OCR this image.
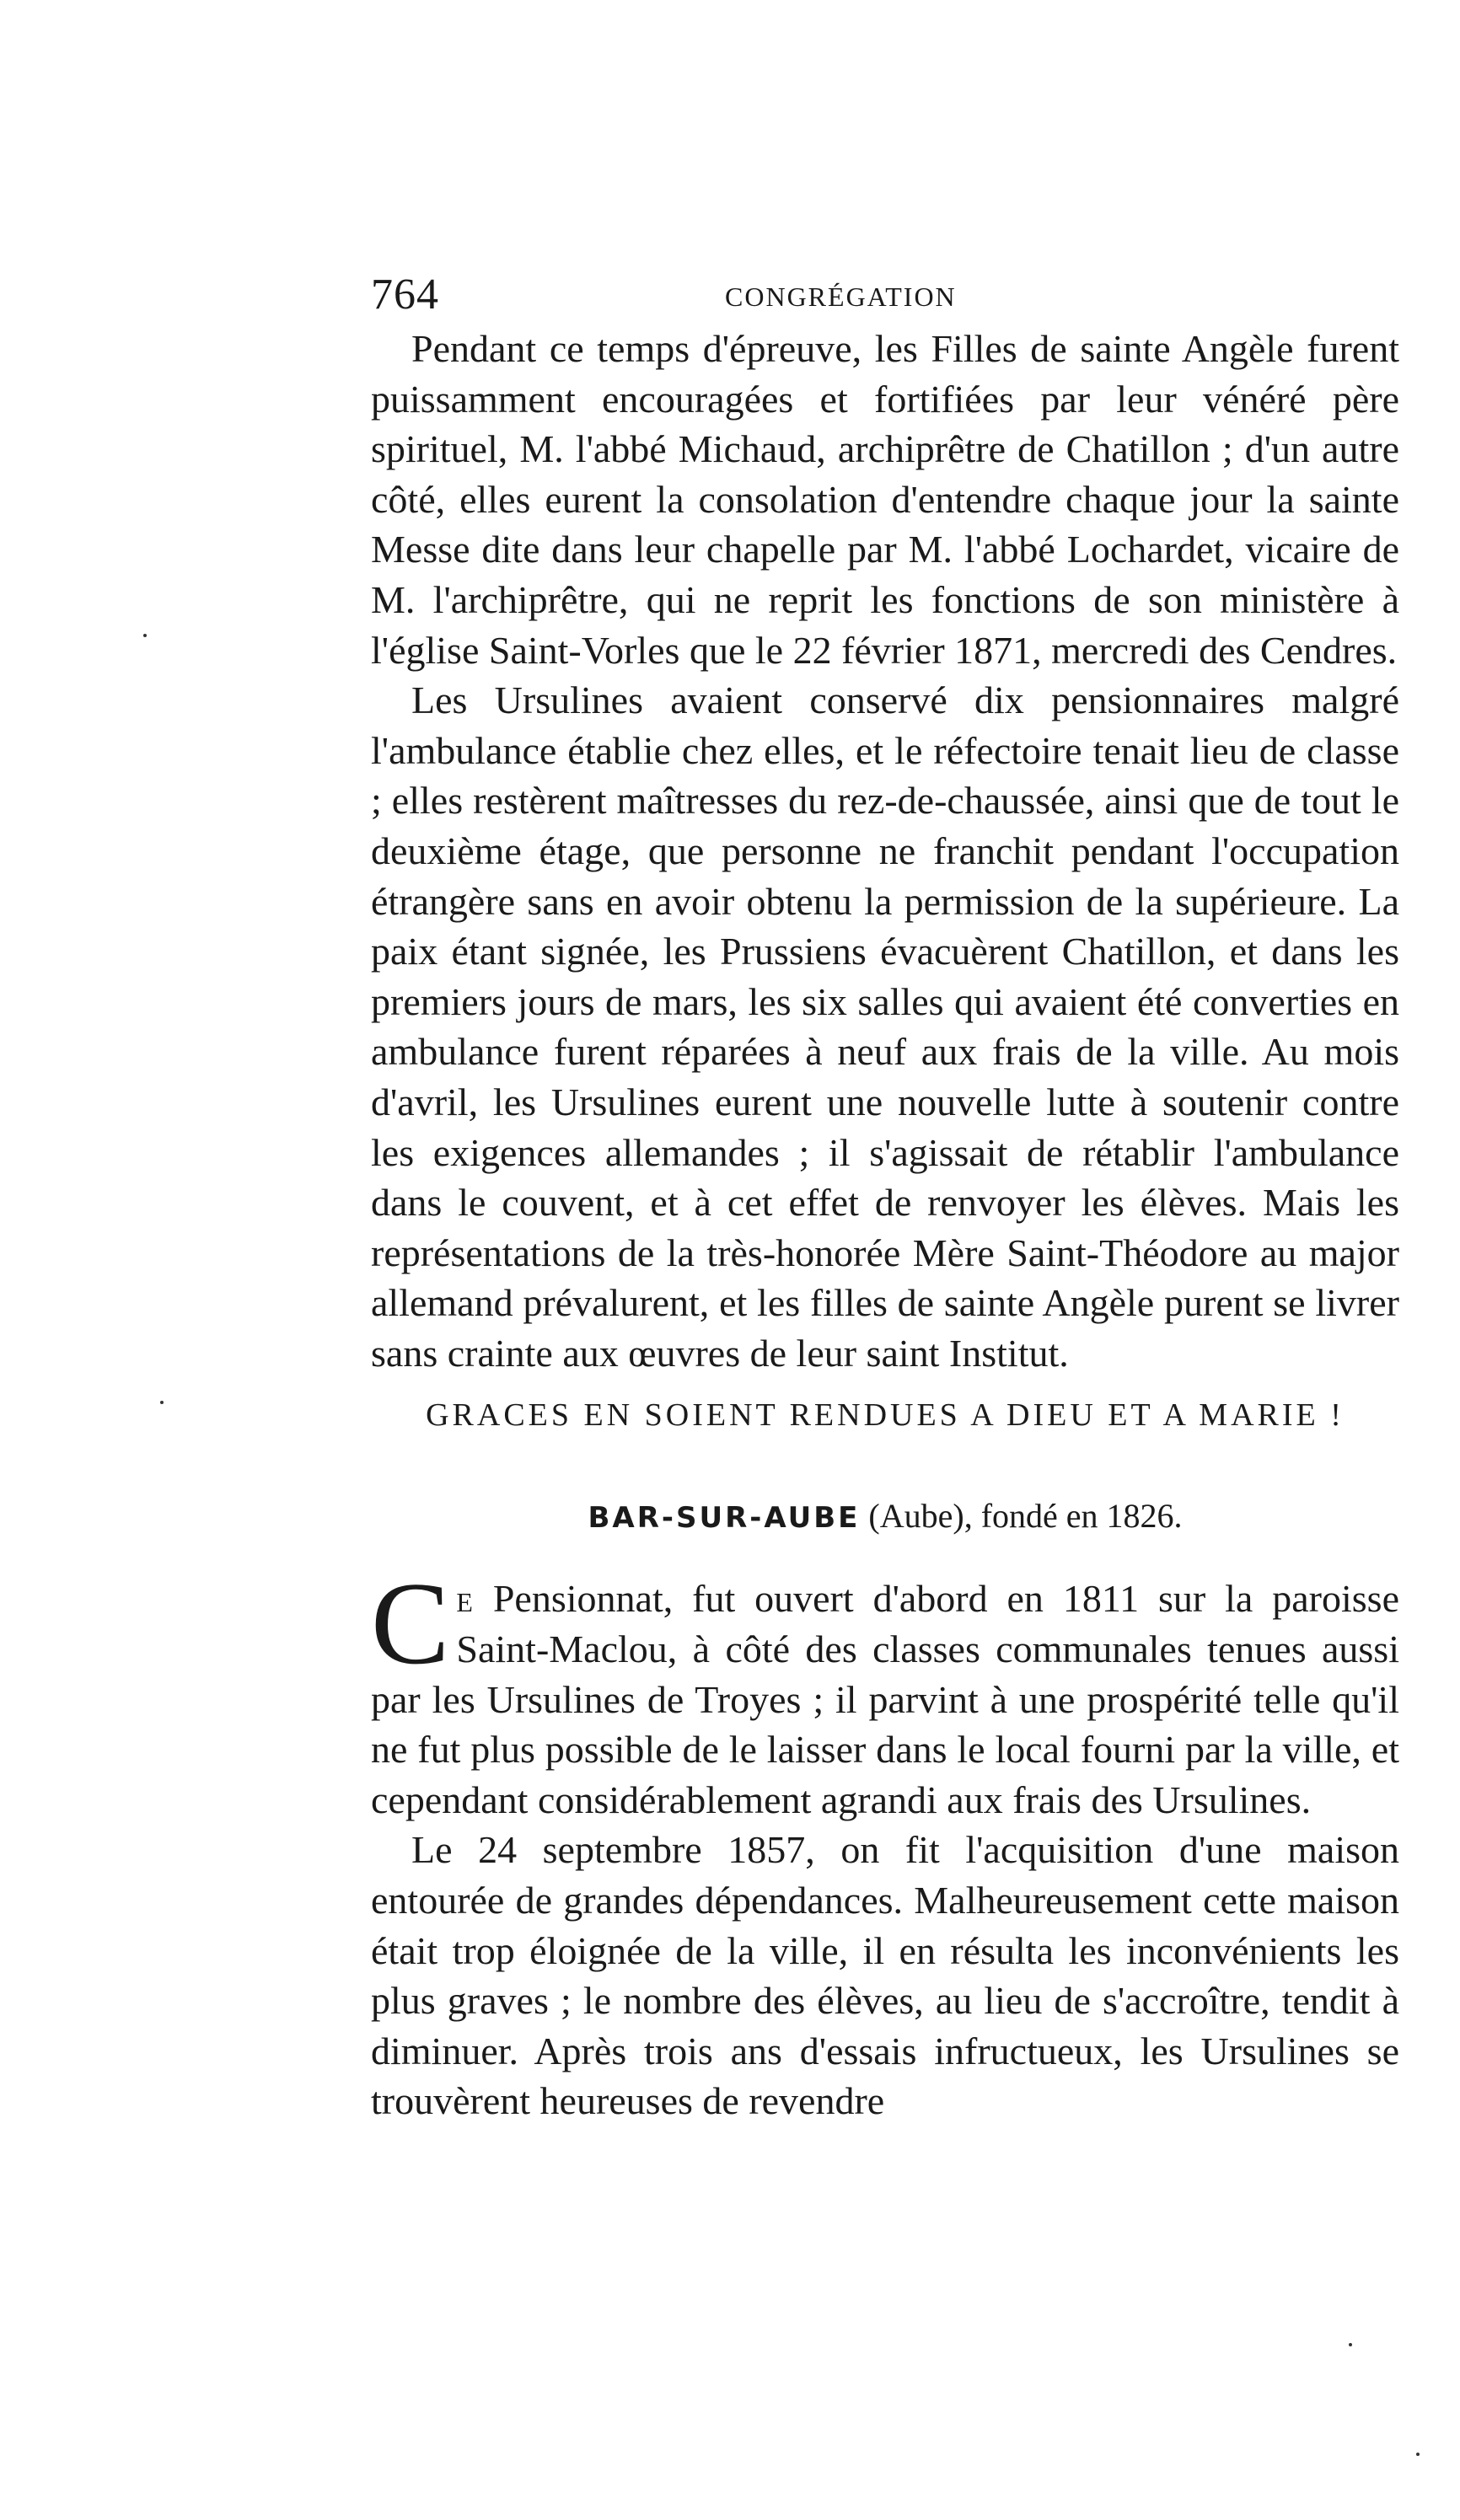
764	CONGRÉGATION

Pendant ce temps d'épreuve, les Filles de sainte Angèle furent puissamment encouragées et fortifiées par leur vénéré père spirituel, M. l'abbé Michaud, archiprêtre de Chatillon ; d'un autre côté, elles eurent la consolation d'entendre chaque jour la sainte Messe dite dans leur chapelle par M. l'abbé Lochardet, vicaire de M. l'archiprêtre, qui ne reprit les fonctions de son ministère à l'église Saint-Vorles que le 22 février 1871, mercredi des Cendres.

Les Ursulines avaient conservé dix pensionnaires malgré l'ambulance établie chez elles, et le réfectoire tenait lieu de classe ; elles restèrent maîtresses du rez-de-chaussée, ainsi que de tout le deuxième étage, que personne ne franchit pendant l'occupation étrangère sans en avoir obtenu la permission de la supérieure. La paix étant signée, les Prussiens évacuèrent Chatillon, et dans les premiers jours de mars, les six salles qui avaient été converties en ambulance furent réparées à neuf aux frais de la ville. Au mois d'avril, les Ursulines eurent une nouvelle lutte à soutenir contre les exigences allemandes ; il s'agissait de rétablir l'ambulance dans le couvent, et à cet effet de renvoyer les élèves. Mais les représentations de la très-honorée Mère Saint-Théodore au major allemand prévalurent, et les filles de sainte Angèle purent se livrer sans crainte aux œuvres de leur saint Institut.

GRACES EN SOIENT RENDUES A DIEU ET A MARIE !
BAR-SUR-AUBE (Aube), fondé en 1826.

Ce Pensionnat, fut ouvert d'abord en 1811 sur la paroisse Saint-Maclou, à côté des classes communales tenues aussi par les Ursulines de Troyes ; il parvint à une prospérité telle qu'il ne fut plus possible de le laisser dans le local fourni par la ville, et cependant considérablement agrandi aux frais des Ursulines.

Le 24 septembre 1857, on fit l'acquisition d'une maison entourée de grandes dépendances. Malheureusement cette maison était trop éloignée de la ville, il en résulta les inconvénients les plus graves ; le nombre des élèves, au lieu de s'accroître, tendit à diminuer. Après trois ans d'essais infructueux, les Ursulines se trouvèrent heureuses de revendre
